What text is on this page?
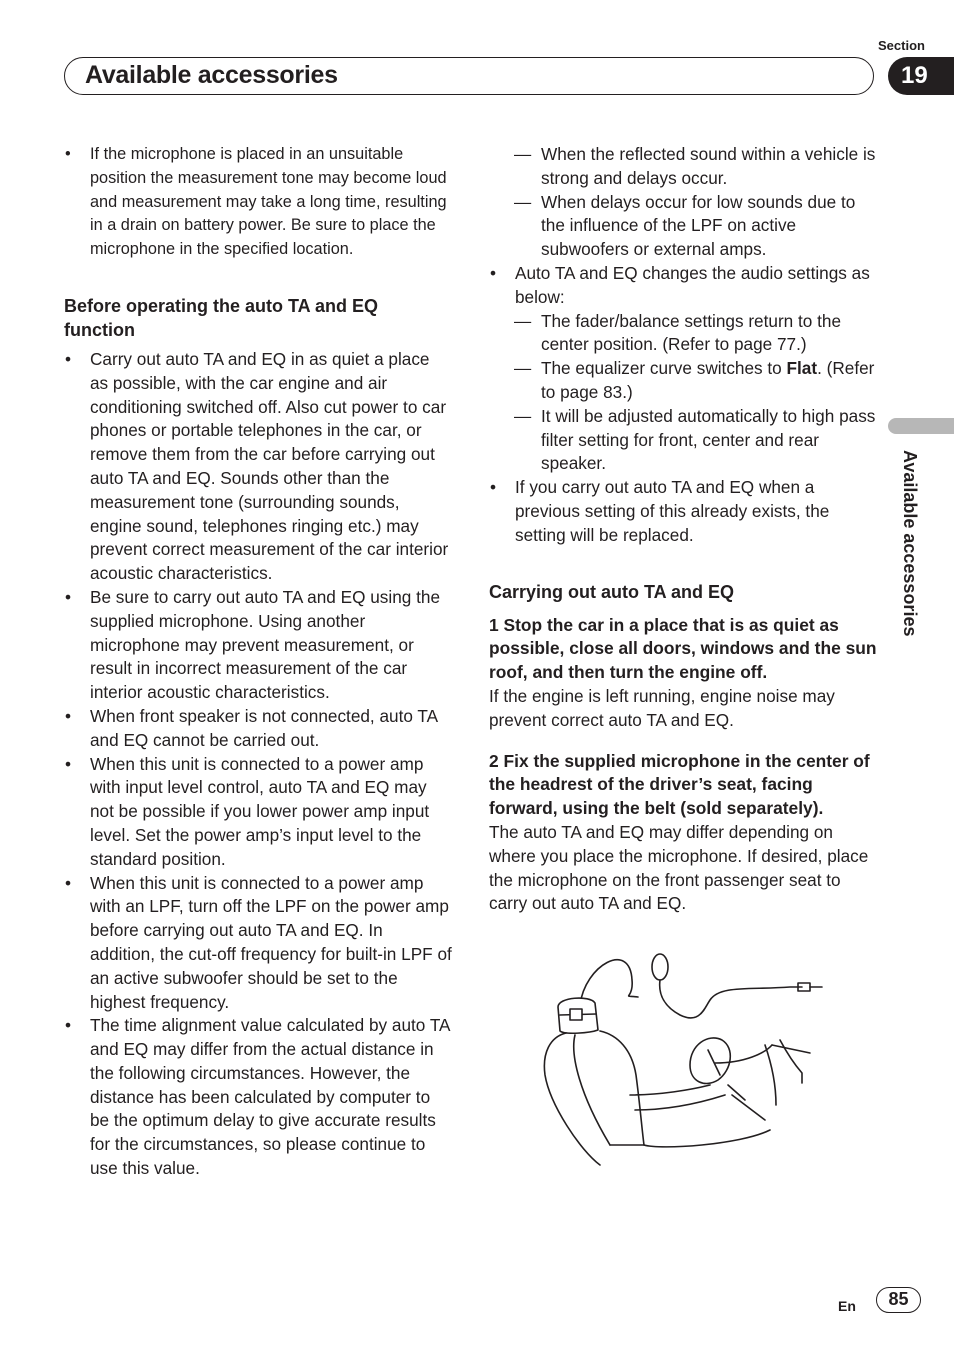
Section
Available accessories	19
Available accessories

• If the microphone is placed in an unsuitable position the measurement tone may become loud and measurement may take a long time, resulting in a drain on battery power. Be sure to place the microphone in the specified location.

Before operating the auto TA and EQ function

• Carry out auto TA and EQ in as quiet a place as possible, with the car engine and air conditioning switched off. Also cut power to car phones or portable telephones in the car, or remove them from the car before carrying out auto TA and EQ. Sounds other than the measurement tone (surrounding sounds, engine sound, telephones ringing etc.) may prevent correct measurement of the car interior acoustic characteristics.

• Be sure to carry out auto TA and EQ using the supplied microphone. Using another microphone may prevent measurement, or result in incorrect measurement of the car interior acoustic characteristics.

• When front speaker is not connected, auto TA and EQ cannot be carried out.

• When this unit is connected to a power amp with input level control, auto TA and EQ may not be possible if you lower power amp input level. Set the power amp’s input level to the standard position.

• When this unit is connected to a power amp with an LPF, turn off the LPF on the power amp before carrying out auto TA and EQ. In addition, the cut-off frequency for built-in LPF of an active subwoofer should be set to the highest frequency.

• The time alignment value calculated by auto TA and EQ may differ from the actual distance in the following circumstances. However, the distance has been calculated by computer to be the optimum delay to give accurate results for the circumstances, so please continue to use this value.

— When the reflected sound within a vehicle is strong and delays occur.

— When delays occur for low sounds due to the influence of the LPF on active subwoofers or external amps.

• Auto TA and EQ changes the audio settings as below:

— The fader/balance settings return to the center position. (Refer to page 77.)

— The equalizer curve switches to Flat. (Refer to page 83.)

— It will be adjusted automatically to high pass filter setting for front, center and rear speaker.

• If you carry out auto TA and EQ when a previous setting of this already exists, the setting will be replaced.

Carrying out auto TA and EQ

1 Stop the car in a place that is as quiet as possible, close all doors, windows and the sun roof, and then turn the engine off.

If the engine is left running, engine noise may prevent correct auto TA and EQ.

2 Fix the supplied microphone in the center of the headrest of the driver’s seat, facing forward, using the belt (sold separately).

The auto TA and EQ may differ depending on where you place the microphone. If desired, place the microphone on the front passenger seat to carry out auto TA and EQ.

En	85
